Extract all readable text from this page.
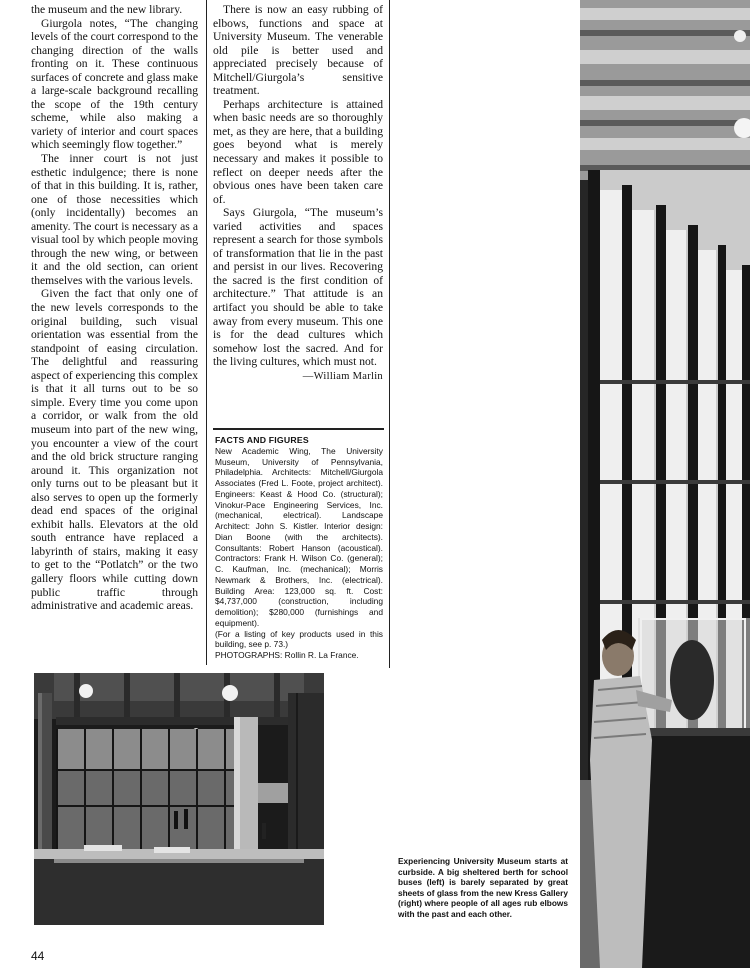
the museum and the new library.

Giurgola notes, “The changing levels of the court correspond to the changing direction of the walls fronting on it. These continuous surfaces of concrete and glass make a large-scale background recalling the scope of the 19th century scheme, while also making a variety of interior and court spaces which seemingly flow together.”

The inner court is not just esthetic indulgence; there is none of that in this building. It is, rather, one of those necessities which (only incidentally) becomes an amenity. The court is necessary as a visual tool by which people moving through the new wing, or between it and the old section, can orient themselves with the various levels.

Given the fact that only one of the new levels corresponds to the original building, such visual orientation was essential from the standpoint of easing circulation. The delightful and reassuring aspect of experiencing this complex is that it all turns out to be so simple. Every time you come upon a corridor, or walk from the old museum into part of the new wing, you encounter a view of the court and the old brick structure ranging around it. This organization not only turns out to be pleasant but it also serves to open up the formerly dead end spaces of the original exhibit halls. Elevators at the old south entrance have replaced a labyrinth of stairs, making it easy to get to the “Potlatch” or the two gallery floors while cutting down public traffic through administrative and academic areas.

There is now an easy rubbing of elbows, functions and space at University Museum. The venerable old pile is better used and appreciated precisely because of Mitchell/Giurgola’s sensitive treatment.

Perhaps architecture is attained when basic needs are so thoroughly met, as they are here, that a building goes beyond what is merely necessary and makes it possible to reflect on deeper needs after the obvious ones have been taken care of.

Says Giurgola, “The museum’s varied activities and spaces represent a search for those symbols of transformation that lie in the past and persist in our lives. Recovering the sacred is the first condition of architecture.” That attitude is an artifact you should be able to take away from every museum. This one is for the dead cultures which somehow lost the sacred. And for the living cultures, which must not.

—William Marlin
FACTS AND FIGURES
New Academic Wing, The University Museum, University of Pennsylvania, Philadelphia. Architects: Mitchell/Giurgola Associates (Fred L. Foote, project architect). Engineers: Keast & Hood Co. (structural); Vinokur-Pace Engineering Services, Inc. (mechanical, electrical). Landscape Architect: John S. Kistler. Interior design: Dian Boone (with the architects). Consultants: Robert Hanson (acoustical). Contractors: Frank H. Wilson Co. (general); C. Kaufman, Inc. (mechanical); Morris Newmark & Brothers, Inc. (electrical). Building Area: 123,000 sq. ft. Cost: $4,737,000 (construction, including demolition); $280,000 (furnishings and equipment).
(For a listing of key products used in this building, see p. 73.)
PHOTOGRAPHS: Rollin R. La France.
Experiencing University Museum starts at curbside. A big sheltered berth for school buses (left) is barely separated by great sheets of glass from the new Kress Gallery (right) where people of all ages rub elbows with the past and each other.
44
